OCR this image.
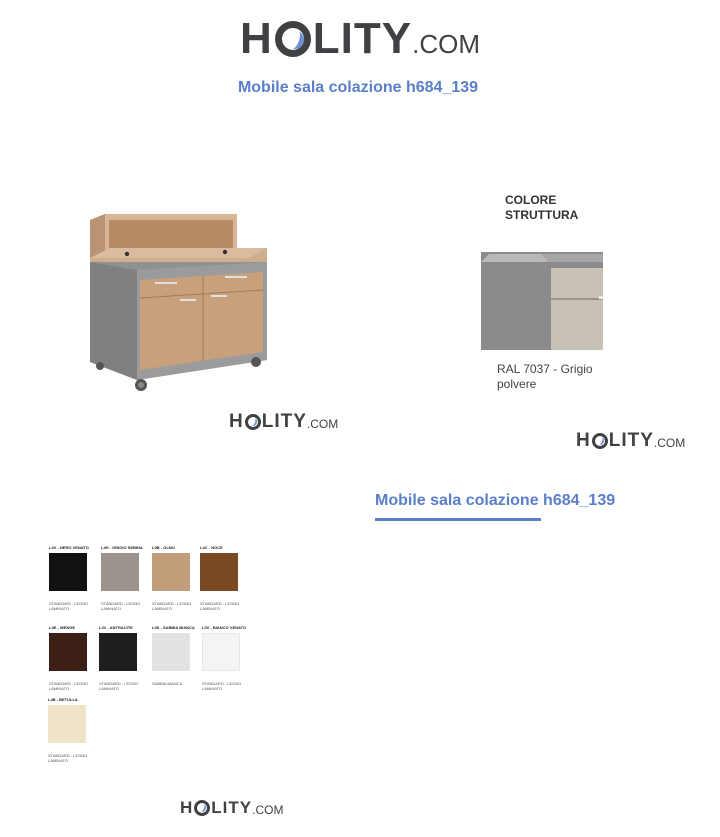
H LITY .COM
Mobile sala colazione h684_139
H LITY .COM
COLORE STRUTTURA
RAL 7037 - Grigio polvere
H LITY .COM
Mobile sala colazione h684_139
L4V - NERO VENATO
STANDARD - LEGNO LAMINATO
L4H - GRIGIO SEBINA
STANDARD - LEGNO LAMINATO
L0B - OLMO
STANDARD - LEGNO LAMINATO
L4C - NOCE
STANDARD - LEGNO LAMINATO
L4E - WENGE
STANDARD - LEGNO LAMINATO
L4V - ANTRACITE
STANDARD - LEGNO LAMINATO
L0S - SABBIA BIANCA
SABBIA BIANCA
L0V - BIANCO VENATO
STANDARD - LEGNO LAMINATO
L4B - BETULLA
STANDARD - LEGNO LAMINATO
H LITY .COM
